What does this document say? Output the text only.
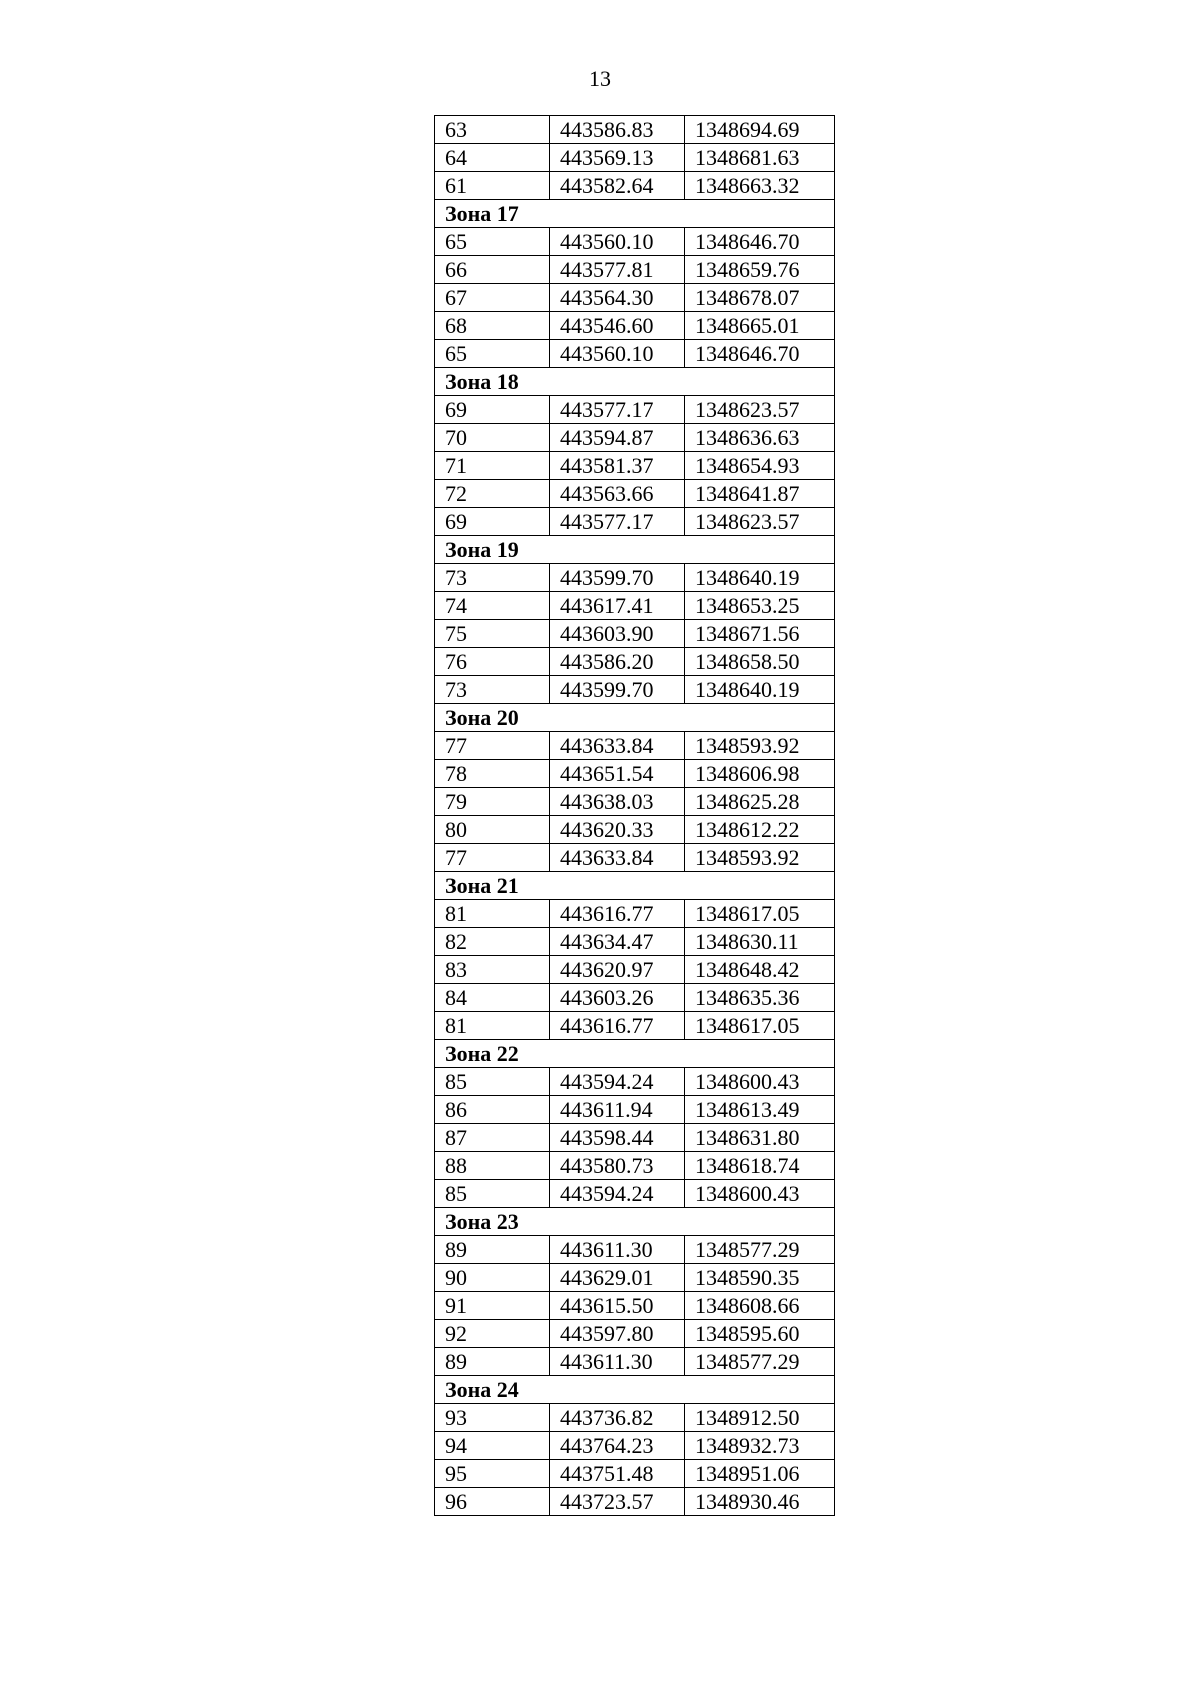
13
63	443586.83	1348694.69
64	443569.13	1348681.63
61	443582.64	1348663.32
Зона 17		
65	443560.10	1348646.70
66	443577.81	1348659.76
67	443564.30	1348678.07
68	443546.60	1348665.01
65	443560.10	1348646.70
Зона 18		
69	443577.17	1348623.57
70	443594.87	1348636.63
71	443581.37	1348654.93
72	443563.66	1348641.87
69	443577.17	1348623.57
Зона 19		
73	443599.70	1348640.19
74	443617.41	1348653.25
75	443603.90	1348671.56
76	443586.20	1348658.50
73	443599.70	1348640.19
Зона 20		
77	443633.84	1348593.92
78	443651.54	1348606.98
79	443638.03	1348625.28
80	443620.33	1348612.22
77	443633.84	1348593.92
Зона 21		
81	443616.77	1348617.05
82	443634.47	1348630.11
83	443620.97	1348648.42
84	443603.26	1348635.36
81	443616.77	1348617.05
Зона 22		
85	443594.24	1348600.43
86	443611.94	1348613.49
87	443598.44	1348631.80
88	443580.73	1348618.74
85	443594.24	1348600.43
Зона 23		
89	443611.30	1348577.29
90	443629.01	1348590.35
91	443615.50	1348608.66
92	443597.80	1348595.60
89	443611.30	1348577.29
Зона 24		
93	443736.82	1348912.50
94	443764.23	1348932.73
95	443751.48	1348951.06
96	443723.57	1348930.46
